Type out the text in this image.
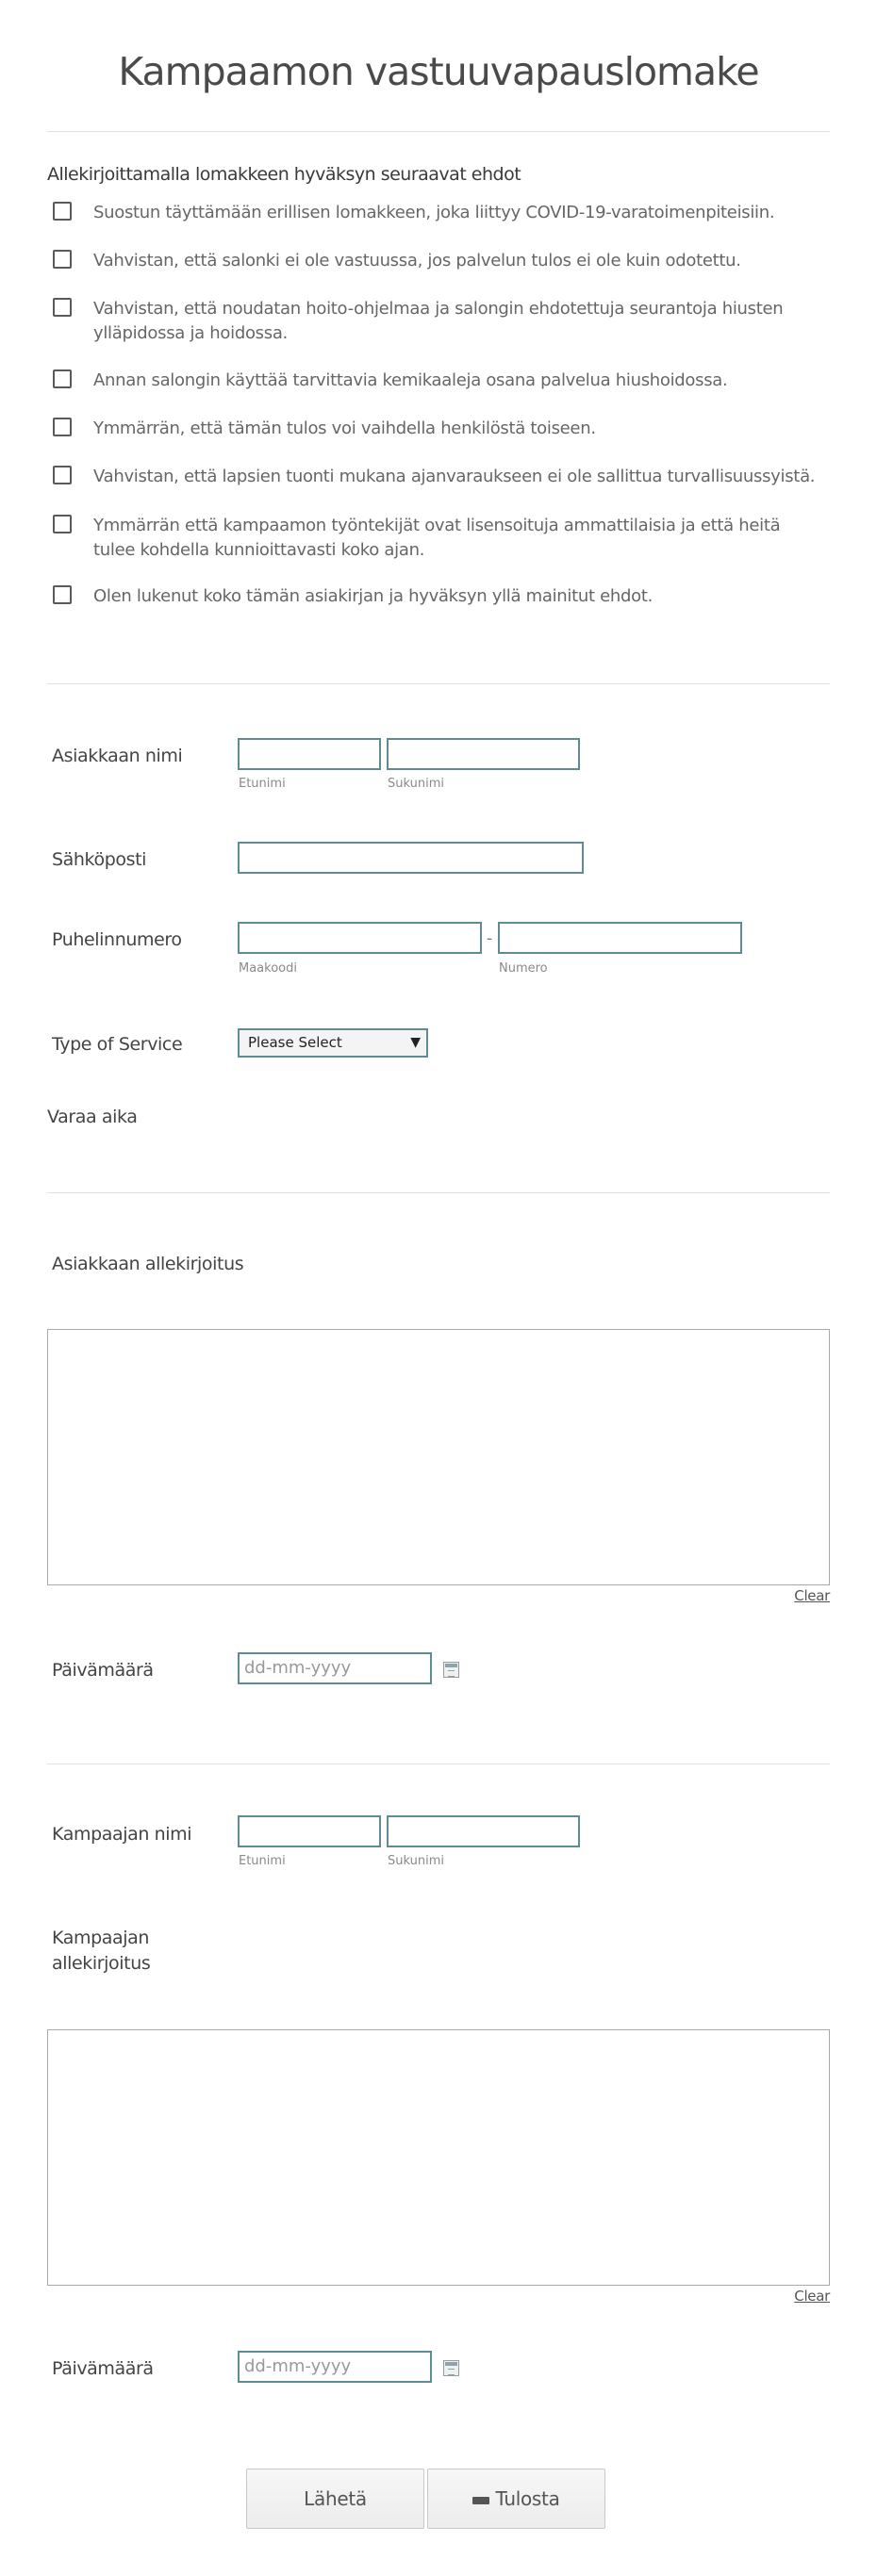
Kampaamon vastuuvapauslomake
Allekirjoittamalla lomakkeen hyväksyn seuraavat ehdot
Suostun täyttämään erillisen lomakkeen, joka liittyy COVID-19-varatoimenpiteisiin.
Vahvistan, että salonki ei ole vastuussa, jos palvelun tulos ei ole kuin odotettu.
Vahvistan, että noudatan hoito-ohjelmaa ja salongin ehdotettuja seurantoja hiusten ylläpidossa ja hoidossa.
Annan salongin käyttää tarvittavia kemikaaleja osana palvelua hiushoidossa.
Ymmärrän, että tämän tulos voi vaihdella henkilöstä toiseen.
Vahvistan, että lapsien tuonti mukana ajanvaraukseen ei ole sallittua turvallisuussyistä.
Ymmärrän että kampaamon työntekijät ovat lisensoituja ammattilaisia ja että heitä tulee kohdella kunnioittavasti koko ajan.
Olen lukenut koko tämän asiakirjan ja hyväksyn yllä mainitut ehdot.
Asiakkaan nimi
Etunimi	Sukunimi
Sähköposti
Puhelinnumero	-
Maakoodi	Numero
Type of Service	Please Select	▼
Varaa aika
Asiakkaan allekirjoitus
Clear
Päivämäärä	dd-mm-yyyy
Kampaajan nimi
Etunimi	Sukunimi
Kampaajan
allekirjoitus
Clear
Päivämäärä	dd-mm-yyyy
Lähetä	Tulosta
